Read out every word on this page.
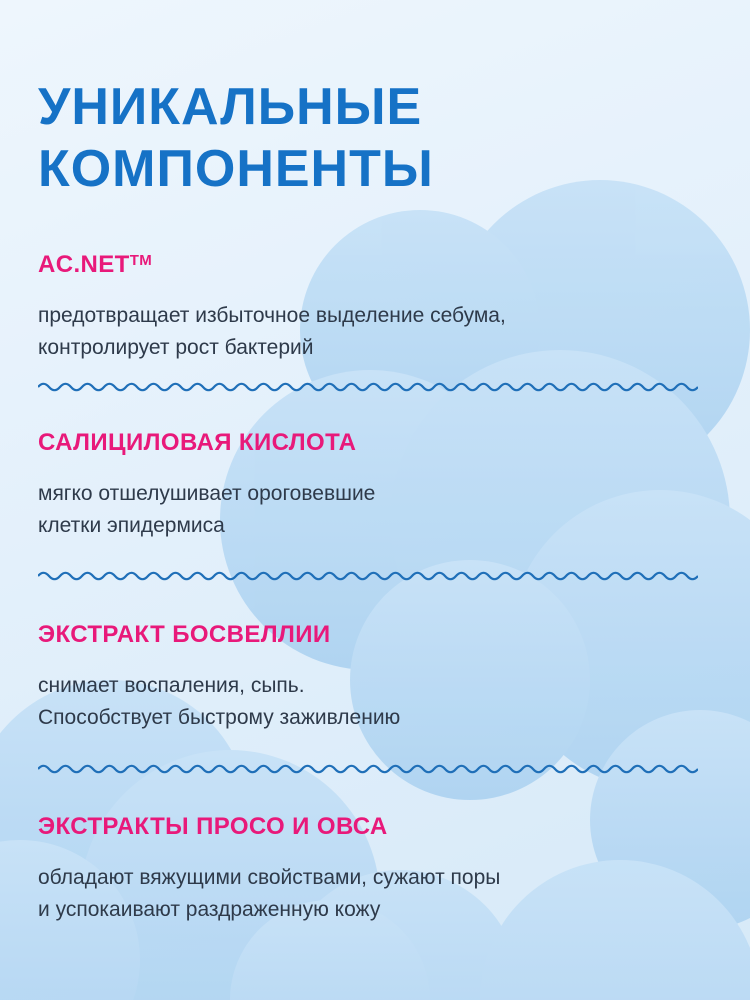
УНИКАЛЬНЫЕ
КОМПОНЕНТЫ
AC.NET™

предотвращает избыточное выделение себума,
контролирует рост бактерий

САЛИЦИЛОВАЯ КИСЛОТА

мягко отшелушивает ороговевшие
клетки эпидермиса

ЭКСТРАКТ БОСВЕЛЛИИ

снимает воспаления, сыпь.
Способствует быстрому заживлению

ЭКСТРАКТЫ ПРОСО И ОВСА

обладают вяжущими свойствами, сужают поры
и успокаивают раздраженную кожу
